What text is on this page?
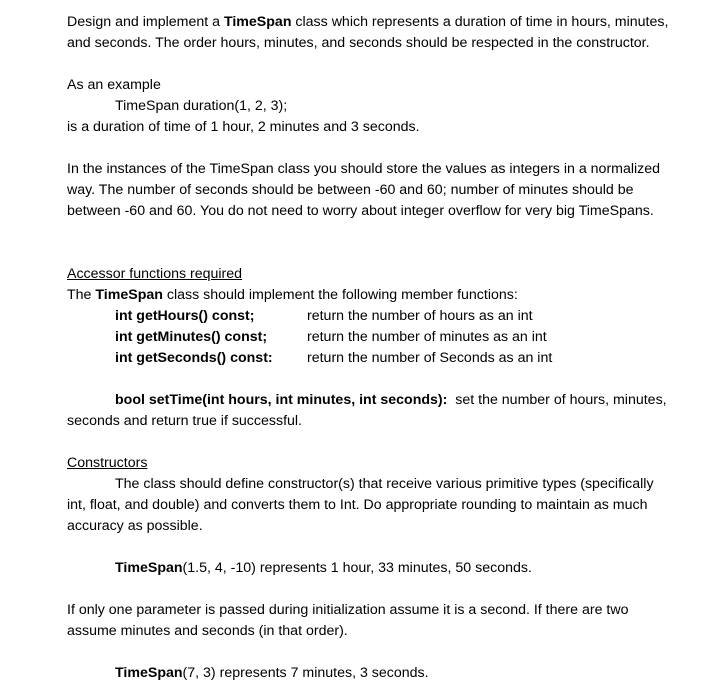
Design and implement a TimeSpan class which represents a duration of time in hours, minutes,
and seconds. The order hours, minutes, and seconds should be respected in the constructor.
As an example
TimeSpan duration(1, 2, 3);
is a duration of time of 1 hour, 2 minutes and 3 seconds.
In the instances of the TimeSpan class you should store the values as integers in a normalized
way. The number of seconds should be between -60 and 60; number of minutes should be
between -60 and 60. You do not need to worry about integer overflow for very big TimeSpans.
Accessor functions required
The TimeSpan class should implement the following member functions:
int getHours() const;	return the number of hours as an int
int getMinutes() const;	return the number of minutes as an int
int getSeconds() const:	return the number of Seconds as an int
bool setTime(int hours, int minutes, int seconds):  set the number of hours, minutes,
seconds and return true if successful.
Constructors
The class should define constructor(s) that receive various primitive types (specifically
int, float, and double) and converts them to Int. Do appropriate rounding to maintain as much
accuracy as possible.
TimeSpan(1.5, 4, -10) represents 1 hour, 33 minutes, 50 seconds.
If only one parameter is passed during initialization assume it is a second. If there are two
assume minutes and seconds (in that order).
TimeSpan(7, 3) represents 7 minutes, 3 seconds.
